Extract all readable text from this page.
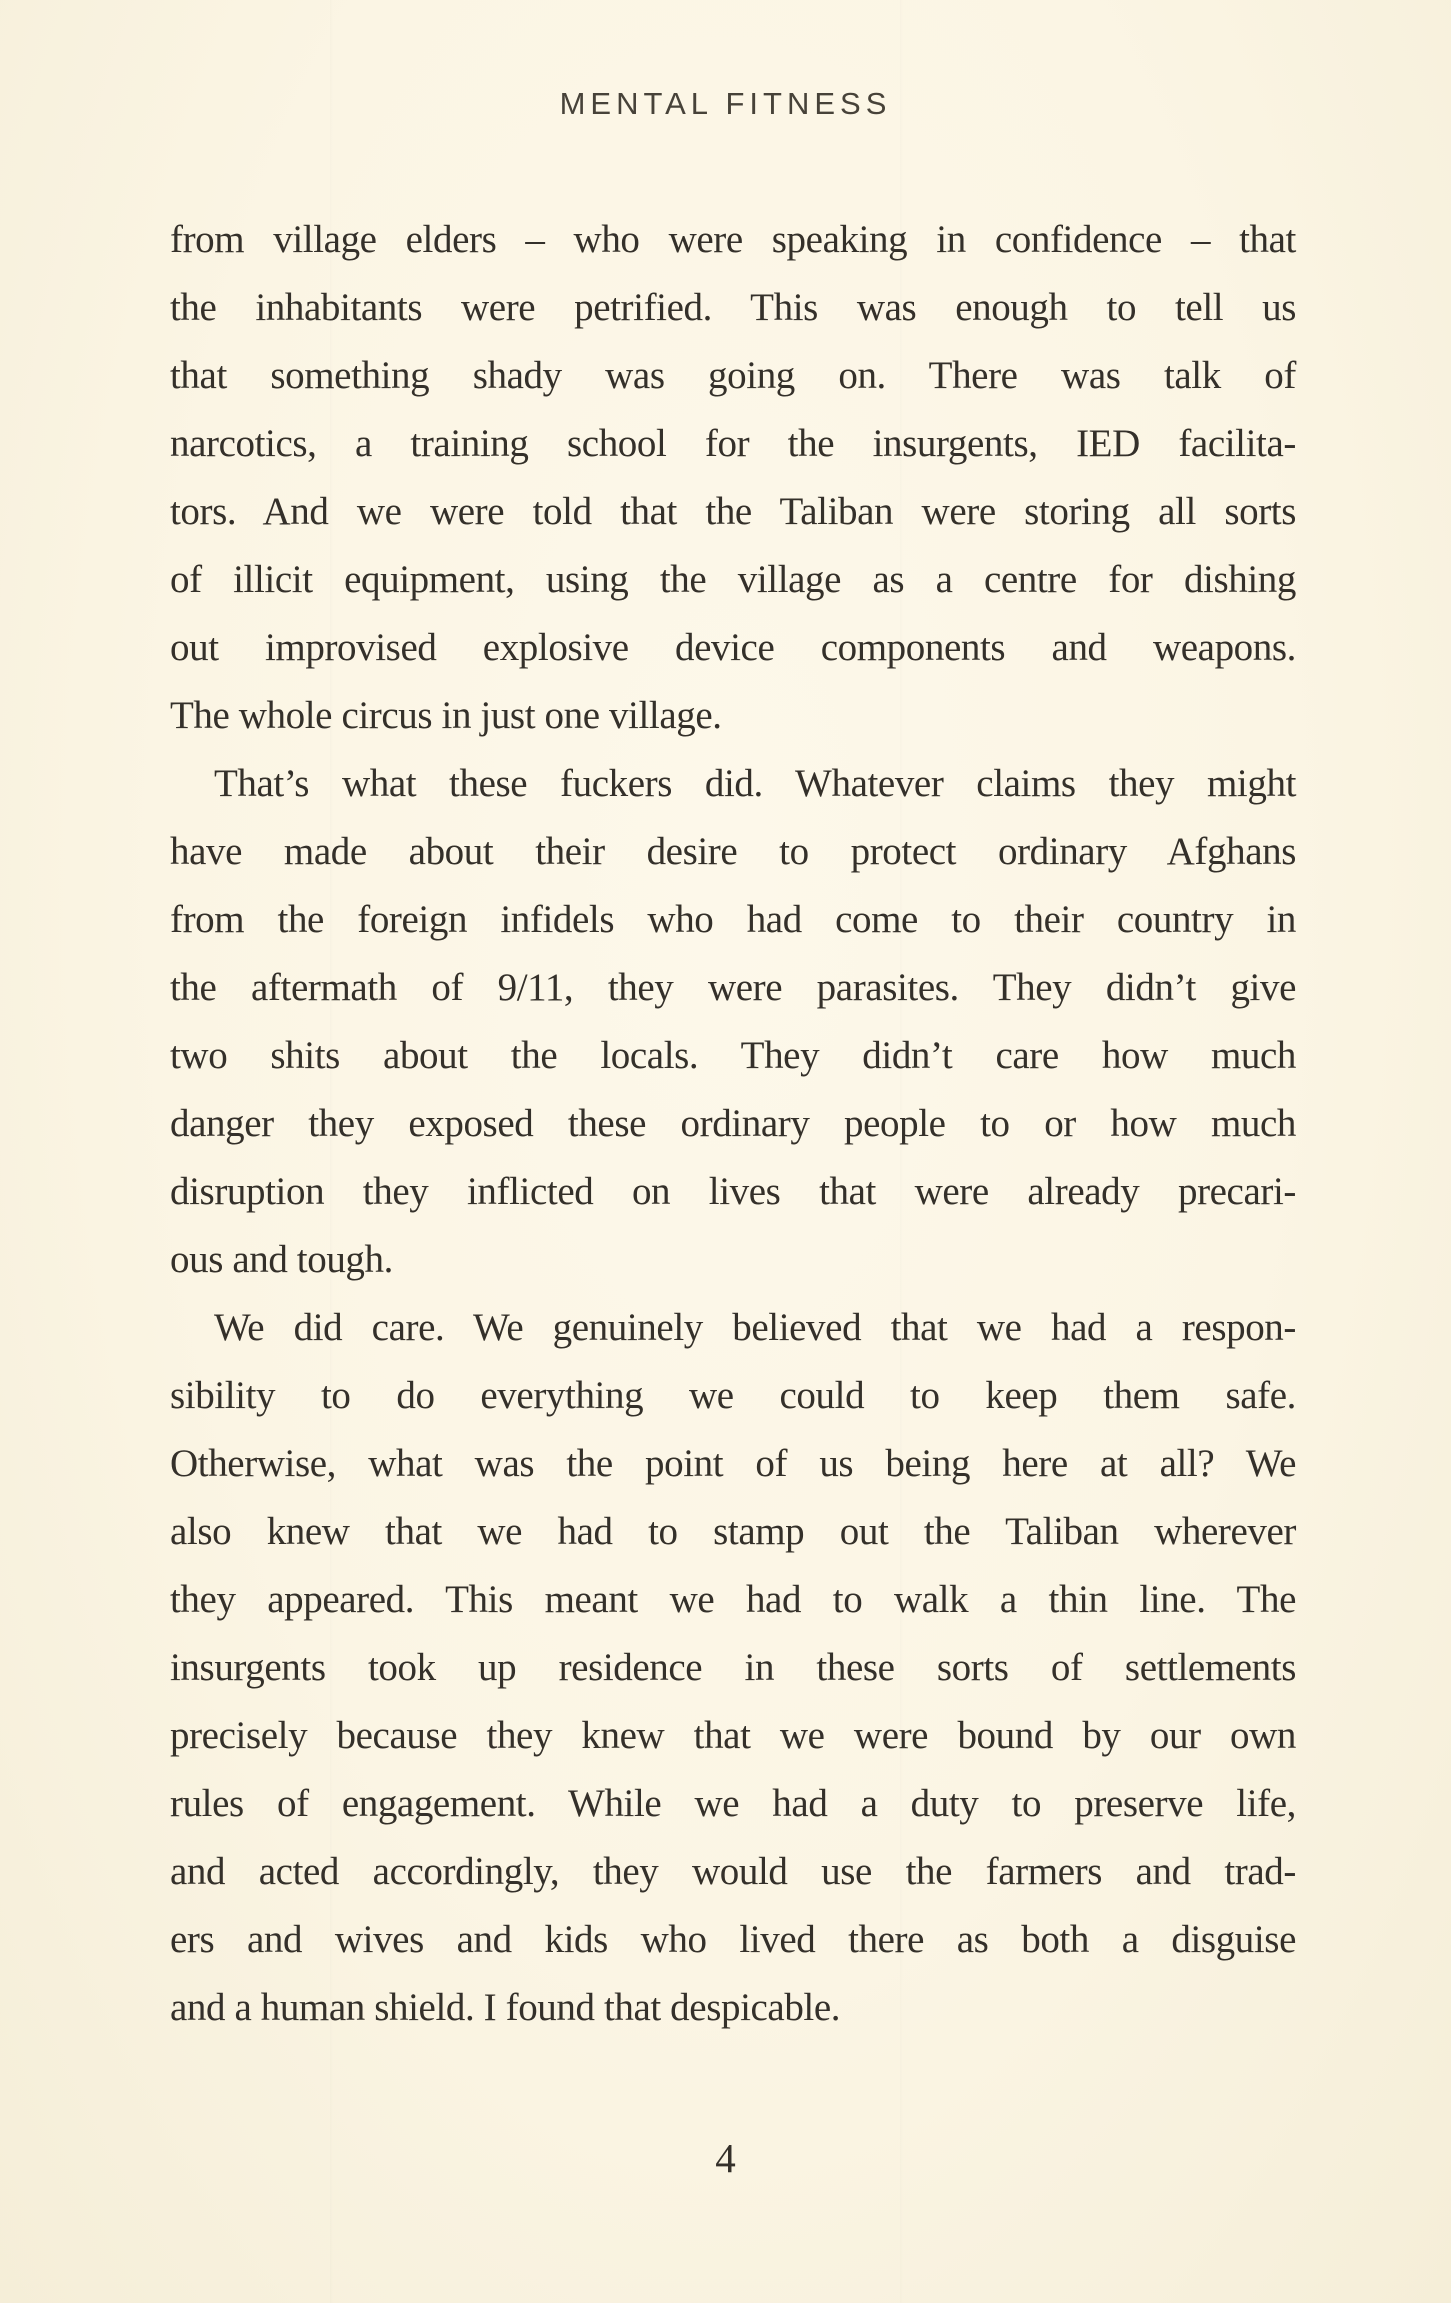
MENTAL FITNESS
from village elders – who were speaking in confidence – that
the inhabitants were petrified. This was enough to tell us
that something shady was going on. There was talk of
narcotics, a training school for the insurgents, IED facilita-
tors. And we were told that the Taliban were storing all sorts
of illicit equipment, using the village as a centre for dishing
out improvised explosive device components and weapons.
The whole circus in just one village.
That’s what these fuckers did. Whatever claims they might
have made about their desire to protect ordinary Afghans
from the foreign infidels who had come to their country in
the aftermath of 9/11, they were parasites. They didn’t give
two shits about the locals. They didn’t care how much
danger they exposed these ordinary people to or how much
disruption they inflicted on lives that were already precari-
ous and tough.
We did care. We genuinely believed that we had a respon-
sibility to do everything we could to keep them safe.
Otherwise, what was the point of us being here at all? We
also knew that we had to stamp out the Taliban wherever
they appeared. This meant we had to walk a thin line. The
insurgents took up residence in these sorts of settlements
precisely because they knew that we were bound by our own
rules of engagement. While we had a duty to preserve life,
and acted accordingly, they would use the farmers and trad-
ers and wives and kids who lived there as both a disguise
and a human shield. I found that despicable.
4
